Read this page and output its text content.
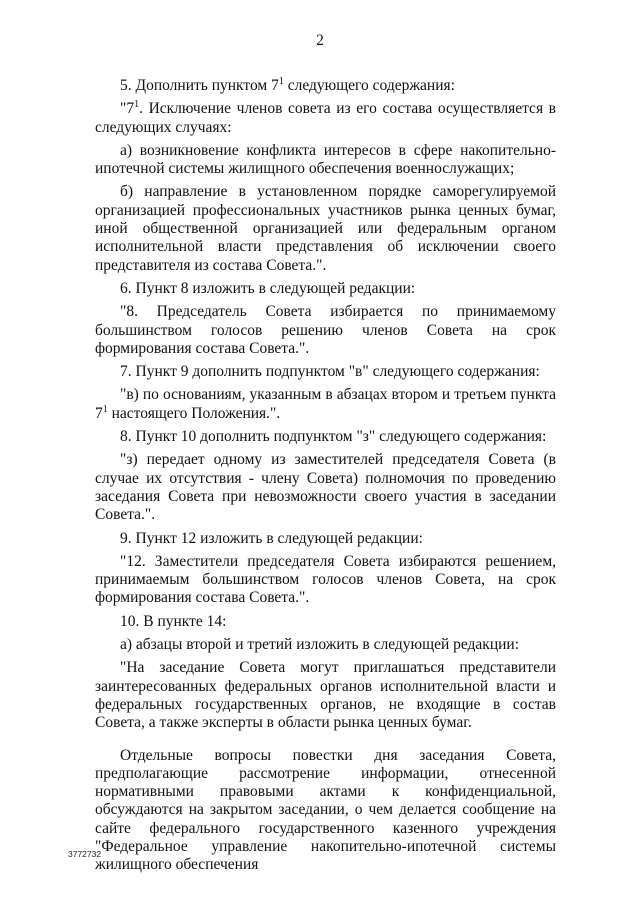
2

5. Дополнить пунктом $7^1$ следующего содержания:

"$7^1$. Исключение членов совета из его состава осуществляется в следующих случаях:

а) возникновение конфликта интересов в сфере накопительно-ипотечной системы жилищного обеспечения военнослужащих;

б) направление в установленном порядке саморегулируемой организацией профессиональных участников рынка ценных бумаг, иной общественной организацией или федеральным органом исполнительной власти представления об исключении своего представителя из состава Совета.".

6. Пункт 8 изложить в следующей редакции:

"8. Председатель Совета избирается по принимаемому большинством голосов решению членов Совета на срок формирования состава Совета.".

7. Пункт 9 дополнить подпунктом "в" следующего содержания:

"в) по основаниям, указанным в абзацах втором и третьем пункта $7^1$ настоящего Положения.".

8. Пункт 10 дополнить подпунктом "з" следующего содержания:

"з) передает одному из заместителей председателя Совета (в случае их отсутствия - члену Совета) полномочия по проведению заседания Совета при невозможности своего участия в заседании Совета.".

9. Пункт 12 изложить в следующей редакции:

"12. Заместители председателя Совета избираются решением, принимаемым большинством голосов членов Совета, на срок формирования состава Совета.".

10. В пункте 14:

а) абзацы второй и третий изложить в следующей редакции:

"На заседание Совета могут приглашаться представители заинтересованных федеральных органов исполнительной власти и федеральных государственных органов, не входящие в состав Совета, а также эксперты в области рынка ценных бумаг.

Отдельные вопросы повестки дня заседания Совета, предполагающие рассмотрение информации, отнесенной нормативными правовыми актами к конфиденциальной, обсуждаются на закрытом заседании, о чем делается сообщение на сайте федерального государственного казенного учреждения "Федеральное управление накопительно-ипотечной системы жилищного обеспечения

3772732
